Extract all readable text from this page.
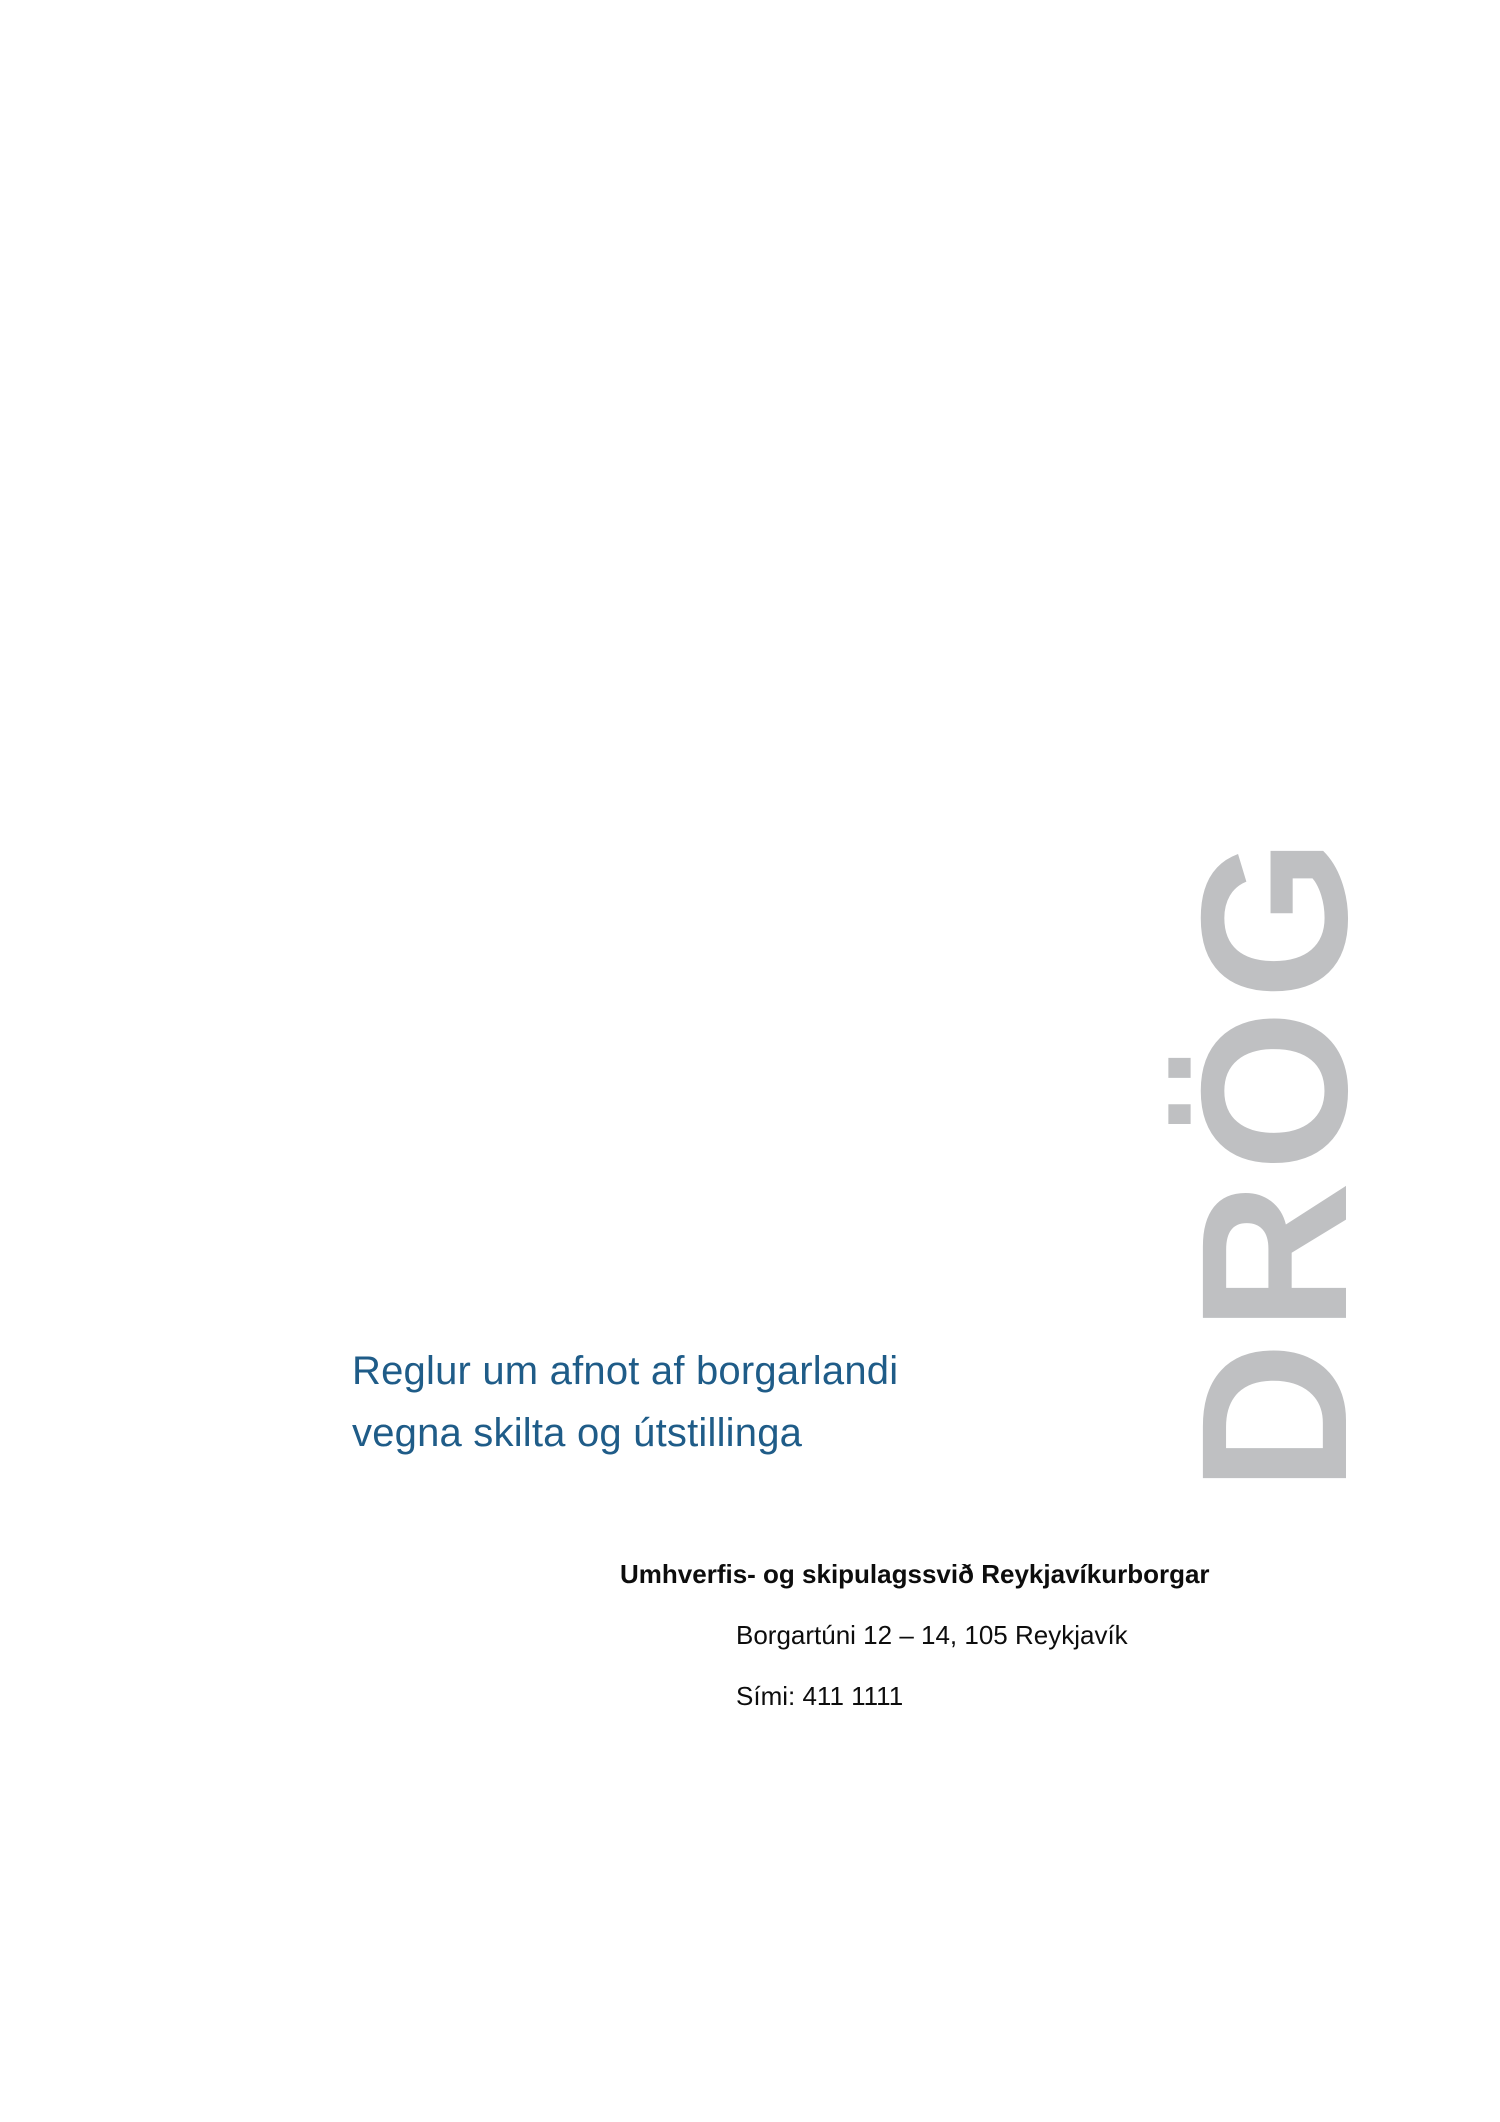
DRÖG
Reglur um afnot af borgarlandi
vegna skilta og útstillinga

Umhverfis- og skipulagssvið Reykjavíkurborgar

Borgartúni 12 – 14, 105 Reykjavík

Sími: 411 1111
